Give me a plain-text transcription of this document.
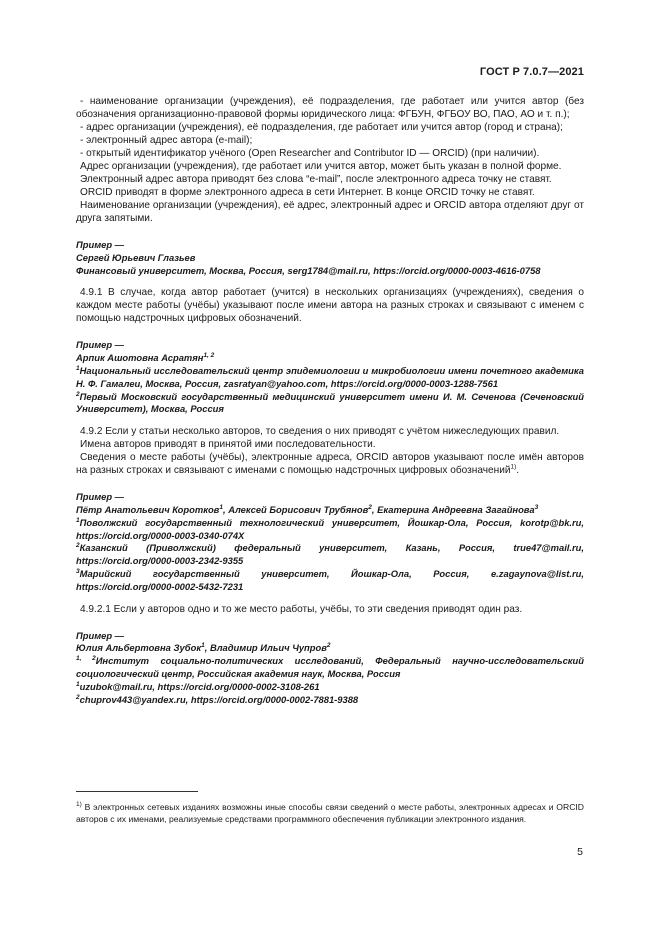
ГОСТ Р 7.0.7—2021

- наименование организации (учреждения), её подразделения, где работает или учится автор (без обозначения организационно-правовой формы юридического лица: ФГБУН, ФГБОУ ВО, ПАО, АО и т. п.);

- адрес организации (учреждения), её подразделения, где работает или учится автор (город и страна);

- электронный адрес автора (e-mail);

- открытый идентификатор учёного (Open Researcher and Contributor ID — ORCID) (при наличии).

Адрес организации (учреждения), где работает или учится автор, может быть указан в полной форме.

Электронный адрес автора приводят без слова “e-mail”, после электронного адреса точку не ставят.

ORCID приводят в форме электронного адреса в сети Интернет. В конце ORCID точку не ставят.

Наименование организации (учреждения), её адрес, электронный адрес и ORCID автора отделяют друг от друга запятыми.

Пример —

Сергей Юрьевич Глазьев

Финансовый университет, Москва, Россия, serg1784@mail.ru, https://orcid.org/0000-0003-4616-0758

4.9.1 В случае, когда автор работает (учится) в нескольких организациях (учреждениях), сведения о каждом месте работы (учёбы) указывают после имени автора на разных строках и связывают с именем с помощью надстрочных цифровых обозначений.

Пример —

Арпик Ашотовна Асратян$^{1, 2}$

$^1$Национальный исследовательский центр эпидемиологии и микробиологии имени почетного академика Н. Ф. Гамалеи, Москва, Россия, zasratyan@yahoo.com, https://orcid.org/0000-0003-1288-7561

$^2$Первый Московский государственный медицинский университет имени И. М. Сеченова (Сеченовский Университет), Москва, Россия

4.9.2 Если у статьи несколько авторов, то сведения о них приводят с учётом нижеследующих правил.

Имена авторов приводят в принятой ими последовательности.

Сведения о месте работы (учёбы), электронные адреса, ORCID авторов указывают после имён авторов на разных строках и связывают с именами с помощью надстрочных цифровых обозначений$^{1)}$.

Пример —

Пётр Анатольевич Коротков$^1$, Алексей Борисович Трубянов$^2$, Екатерина Андреевна Загайнова$^3$

$^1$Поволжский государственный технологический университет, Йошкар-Ола, Россия, korotp@bk.ru, https://orcid.org/0000-0003-0340-074X

$^2$Казанский (Приволжский) федеральный университет, Казань, Россия, true47@mail.ru, https://orcid.org/0000-0003-2342-9355

$^3$Марийский государственный университет, Йошкар-Ола, Россия, e.zagaynova@list.ru, https://orcid.org/0000-0002-5432-7231

4.9.2.1 Если у авторов одно и то же место работы, учёбы, то эти сведения приводят один раз.

Пример —

Юлия Альбертовна Зубок$^1$, Владимир Ильич Чупров$^2$

$^{1, 2}$Институт социально-политических исследований, Федеральный научно-исследовательский социологический центр, Российская академия наук, Москва, Россия

$^1$uzubok@mail.ru, https://orcid.org/0000-0002-3108-261

$^2$chuprov443@yandex.ru, https://orcid.org/0000-0002-7881-9388

$^{1)}$ В электронных сетевых изданиях возможны иные способы связи сведений о месте работы, электронных адресах и ORCID авторов с их именами, реализуемые средствами программного обеспечения публикации электронного издания.
5
